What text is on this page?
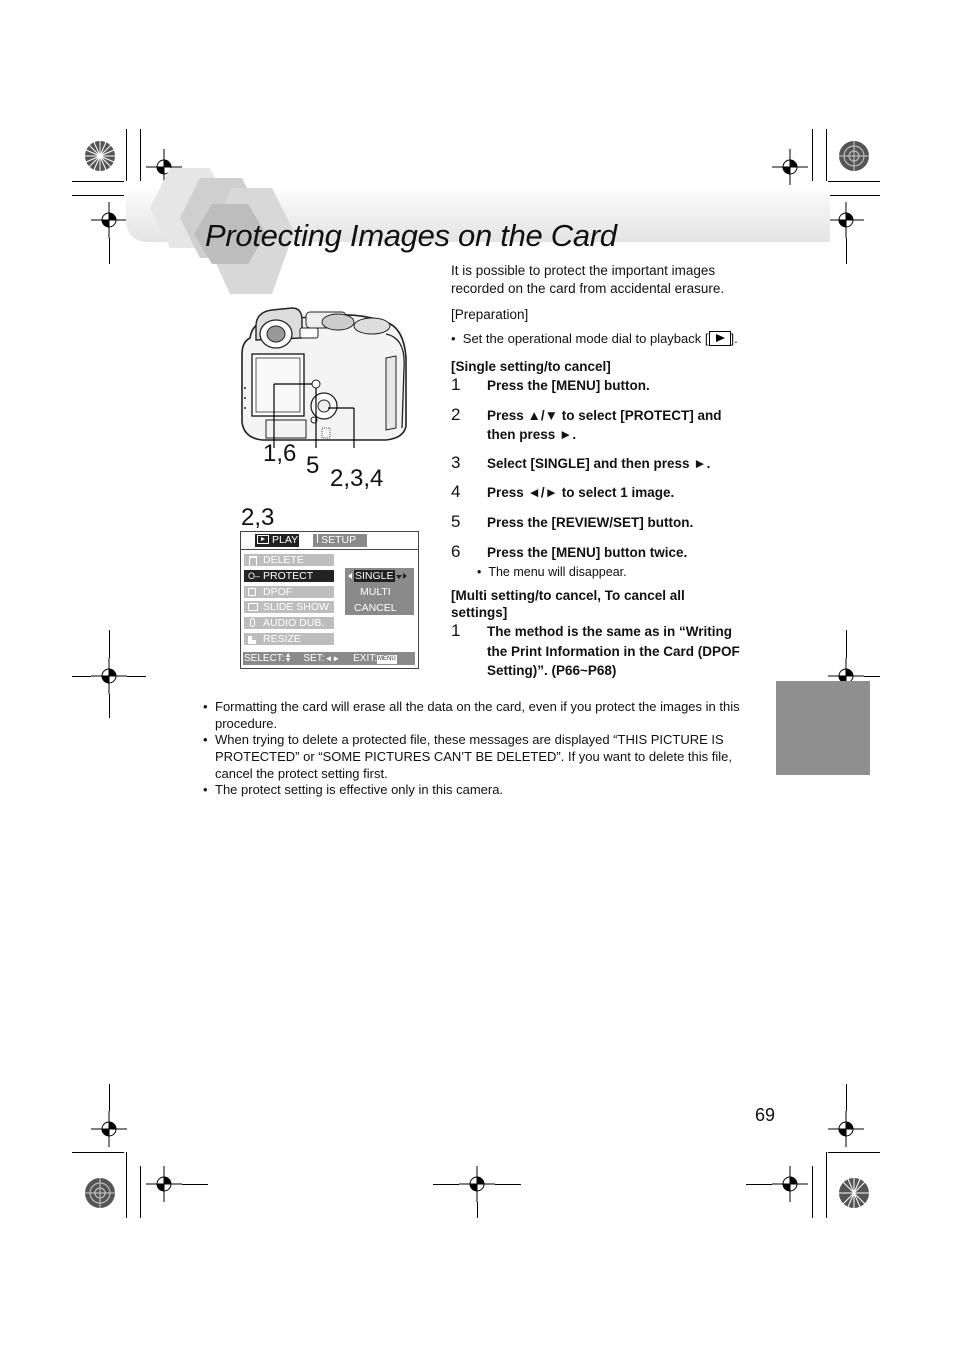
Protecting Images on the Card
1,6 5 2,3,4
2,3
PLAY ꟾ SETUP
DELETE
O‒ PROTECT
DPOF
SLIDE SHOW
AUDIO DUB.
RESIZE
SINGLE
MULTI
CANCEL
SELECT:▲
▼ SET:◄► EXIT:MENU
It is possible to protect the important images recorded on the card from accidental erasure.
[Preparation]
•  Set the operational mode dial to playback [ ].
[Single setting/to cancel]
1 Press the [MENU] button.
2 Press ▲/▼ to select [PROTECT] and
then press ►.
3 Select [SINGLE] and then press ►.
4 Press ◄/► to select 1 image.
5 Press the [REVIEW/SET] button.
6 Press the [MENU] button twice.
•  The menu will disappear.
[Multi setting/to cancel, To cancel all
settings]
1 The method is the same as in “Writing
the Print Information in the Card (DPOF
Setting)”. (P66~P68)
• Formatting the card will erase all the data on the card, even if you protect the images in this
procedure.
• When trying to delete a protected file, these messages are displayed “THIS PICTURE IS
PROTECTED” or “SOME PICTURES CAN’T BE DELETED”. If you want to delete this file,
cancel the protect setting first.
• The protect setting is effective only in this camera.
69
